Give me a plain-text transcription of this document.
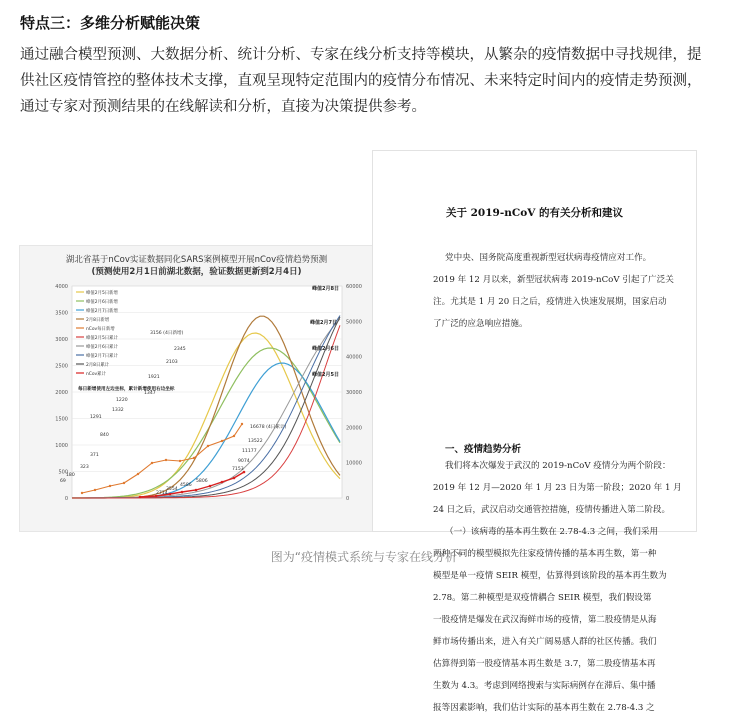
特点三：多维分析赋能决策
通过融合模型预测、大数据分析、统计分析、专家在线分析支持等模块，从繁杂的疫情数据中寻找规律，提供社区疫情管控的整体技术支撑，直观呈现特定范围内的疫情分布情况、未来特定时间内的疫情走势预测，通过专家对预测结果的在线解读和分析，直接为决策提供参考。
湖北省基于nCov实证数据同化SARS案例模型开展nCov疫情趋势预测
(预测使用2月1日前湖北数据，验证数据更新到2月4日)
0
500
1000
1500
2000
2500
3000
3500
4000
0
10000
20000
30000
40000
50000
60000
峰值2月5日新增
峰值2月6日新增
峰值2月7日新增
2月8日新增
nCov每日新增
峰值2月5日累计
峰值2月6日累计
峰值2月7日累计
2月8日累计
nCov累计
峰值2月8日
峰值2月7日
峰值2月6日
峰值2月5日
69
180
323
371
840
1291
1332
1220
1347
1921
2103
2345
3156 (4日新增)
16678 (4日累计)
13522
11177
9074
7153
5806
4586
3554
2714
每日新增使用左边坐标，累计新增使用右边坐标
关于 2019-nCoV 的有关分析和建议
党中央、国务院高度重视新型冠状病毒疫情应对工作。
2019 年 12 月以来，新型冠状病毒 2019-nCoV 引起了广泛关
注。尤其是 1 月 20 日之后，疫情进入快速发展期，国家启动
了广泛的应急响应措施。
一、疫情趋势分析
我们将本次爆发于武汉的 2019-nCoV 疫情分为两个阶段：
2019 年 12 月—2020 年 1 月 23 日为第一阶段；2020 年 1 月
24 日之后，武汉启动交通管控措施，疫情传播进入第二阶段。
（一）该病毒的基本再生数在 2.78-4.3 之间，我们采用
两种不同的模型模拟先往家疫情传播的基本再生数，第一种
模型是单一疫情 SEIR 模型，估算得到该阶段的基本再生数为
2.78。第二种模型是双疫情耦合 SEIR 模型，我们假设第
一股疫情是爆发在武汉海鲜市场的疫情，第二股疫情是从海
鲜市场传播出来，进入有关广阔易感人群的社区传播。我们
估算得到第一股疫情基本再生数是 3.7，第二股疫情基本再
生数为 4.3。考虑到网络搜索与实际病例存在滞后、集中播
报等因素影响，我们估计实际的基本再生数在 2.78-4.3 之
图为“疫情模式系统与专家在线分析”
